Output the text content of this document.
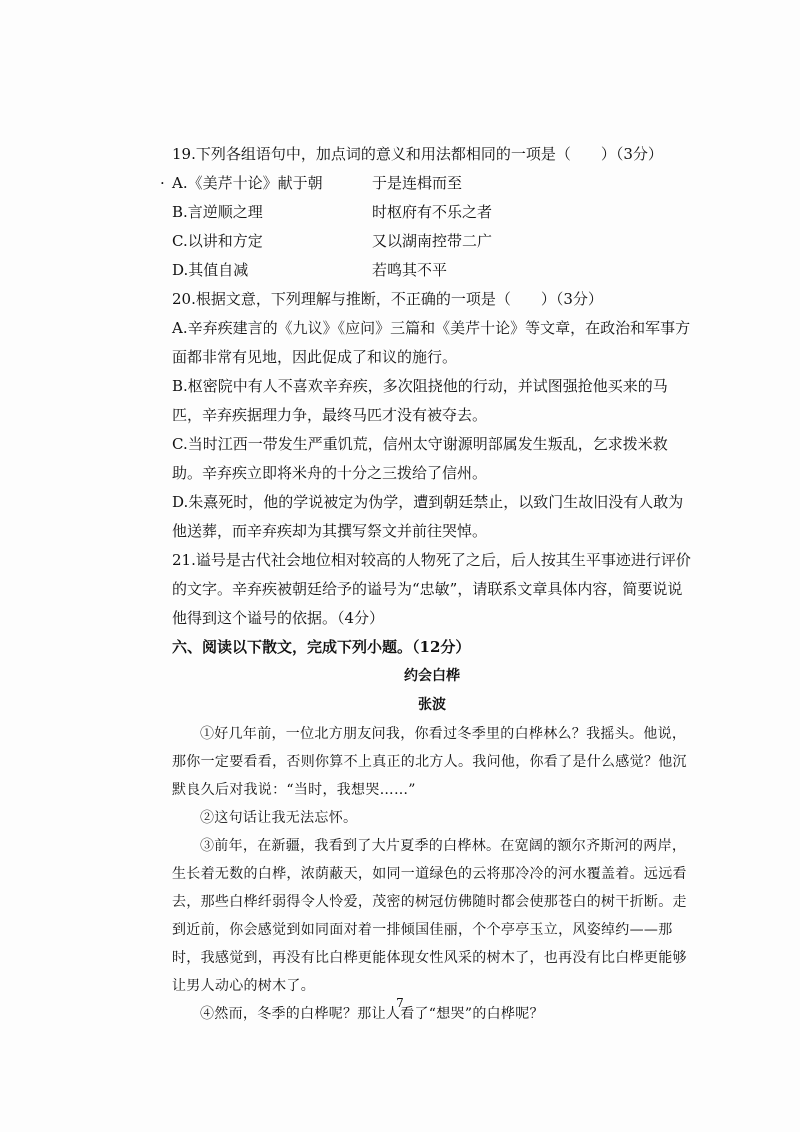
19.下列各组语句中，加点词的意义和用法都相同的一项是（　　）（3分）
· A.《美芹十论》献于朝	于是连楫而至
B.言逆顺之理	时枢府有不乐之者
C.以讲和方定	又以湖南控带二广
D.其值自减	若鸣其不平
20.根据文意，下列理解与推断，不正确的一项是（　　）（3分）
A.辛弃疾建言的《九议》《应问》三篇和《美芹十论》等文章，在政治和军事方面都非常有见地，因此促成了和议的施行。
B.枢密院中有人不喜欢辛弃疾，多次阻挠他的行动，并试图强抢他买来的马匹，辛弃疾据理力争，最终马匹才没有被夺去。
C.当时江西一带发生严重饥荒，信州太守谢源明部属发生叛乱，乞求拨米救助。辛弃疾立即将米舟的十分之三拨给了信州。
D.朱熹死时，他的学说被定为伪学，遭到朝廷禁止，以致门生故旧没有人敢为他送葬，而辛弃疾却为其撰写祭文并前往哭悼。
21.谥号是古代社会地位相对较高的人物死了之后，后人按其生平事迹进行评价的文字。辛弃疾被朝廷给予的谥号为“忠敏”，请联系文章具体内容，简要说说他得到这个谥号的依据。（4分）
六、阅读以下散文，完成下列小题。（12分）
约会白桦
张波
①好几年前，一位北方朋友问我，你看过冬季里的白桦林么？我摇头。他说，那你一定要看看，否则你算不上真正的北方人。我问他，你看了是什么感觉？他沉默良久后对我说：“当时，我想哭……”
②这句话让我无法忘怀。
③前年，在新疆，我看到了大片夏季的白桦林。在宽阔的额尔齐斯河的两岸，生长着无数的白桦，浓荫蔽天，如同一道绿色的云将那冷冷的河水覆盖着。远远看去，那些白桦纤弱得令人怜爱，茂密的树冠仿佛随时都会使那苍白的树干折断。走到近前，你会感觉到如同面对着一排倾国佳丽，个个亭亭玉立，风姿绰约——那时，我感觉到，再没有比白桦更能体现女性风采的树木了，也再没有比白桦更能够让男人动心的树木了。
④然而，冬季的白桦呢？那让人看了“想哭”的白桦呢？
7
